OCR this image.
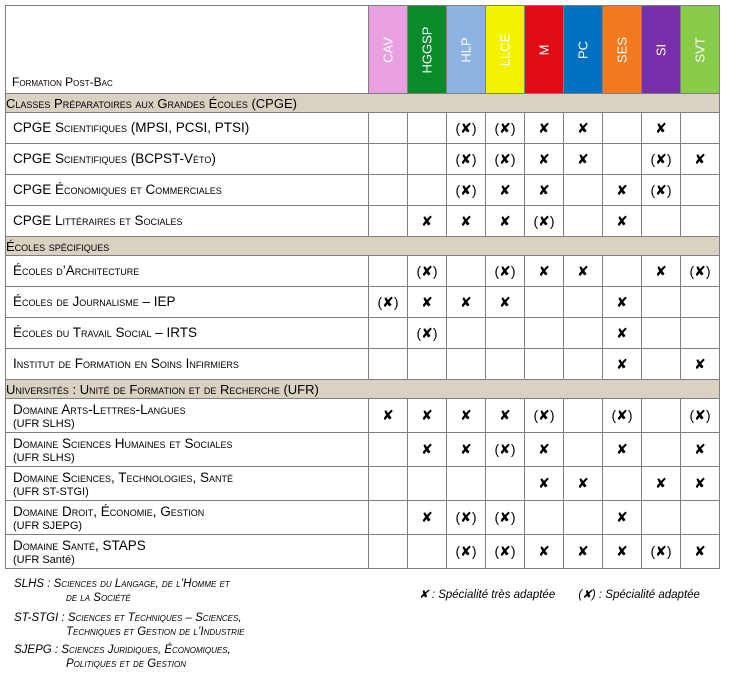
Formation Post-Bac	CAV	HGGSP	HLP	LLCE	M	PC	SES	SI	SVT

Classes Préparatoires aux Grandes Écoles (CPGE)									

CPGE Scientifiques (MPSI, PCSI, PTSI)			(✘)	(✘)	✘	✘		✘	

CPGE Scientifiques (BCPST-Véto)			(✘)	(✘)	✘	✘		(✘)	✘

CPGE Économiques et Commerciales			(✘)	✘	✘		✘	(✘)	

CPGE Littéraires et Sociales		✘	✘	✘	(✘)		✘		
Écoles spécifiques									

Écoles d’Architecture		(✘)		(✘)	✘	✘		✘	(✘)

Écoles de Journalisme – IEP	(✘)	✘	✘	✘			✘		

Écoles du Travail Social – IRTS		(✘)					✘		

Institut de Formation en Soins Infirmiers							✘		✘
Universités : Unité de Formation et de Recherche (UFR)									

Domaine Arts-Lettres-Langues
(UFR SLHS)	✘	✘	✘	✘	(✘)		(✘)		(✘)

Domaine Sciences Humaines et Sociales
(UFR SLHS)		✘	✘	(✘)	✘		✘		✘

Domaine Sciences, Technologies, Santé
(UFR ST-STGI)					✘	✘		✘	✘

Domaine Droit, Économie, Gestion
(UFR SJEPG)		✘	(✘)	(✘)			✘		

Domaine Santé, STAPS
(UFR Santé)			(✘)	(✘)	✘	✘	✘	(✘)	✘
SLHS : Sciences du Langage, de l’Homme et
de la Société
ST-STGI : Sciences et Techniques – Sciences,
Techniques et Gestion de l’Industrie
SJEPG : Sciences Juridiques, Économiques,
Politiques et de Gestion
✘ : Spécialité très adaptée (✘) : Spécialité adaptée
